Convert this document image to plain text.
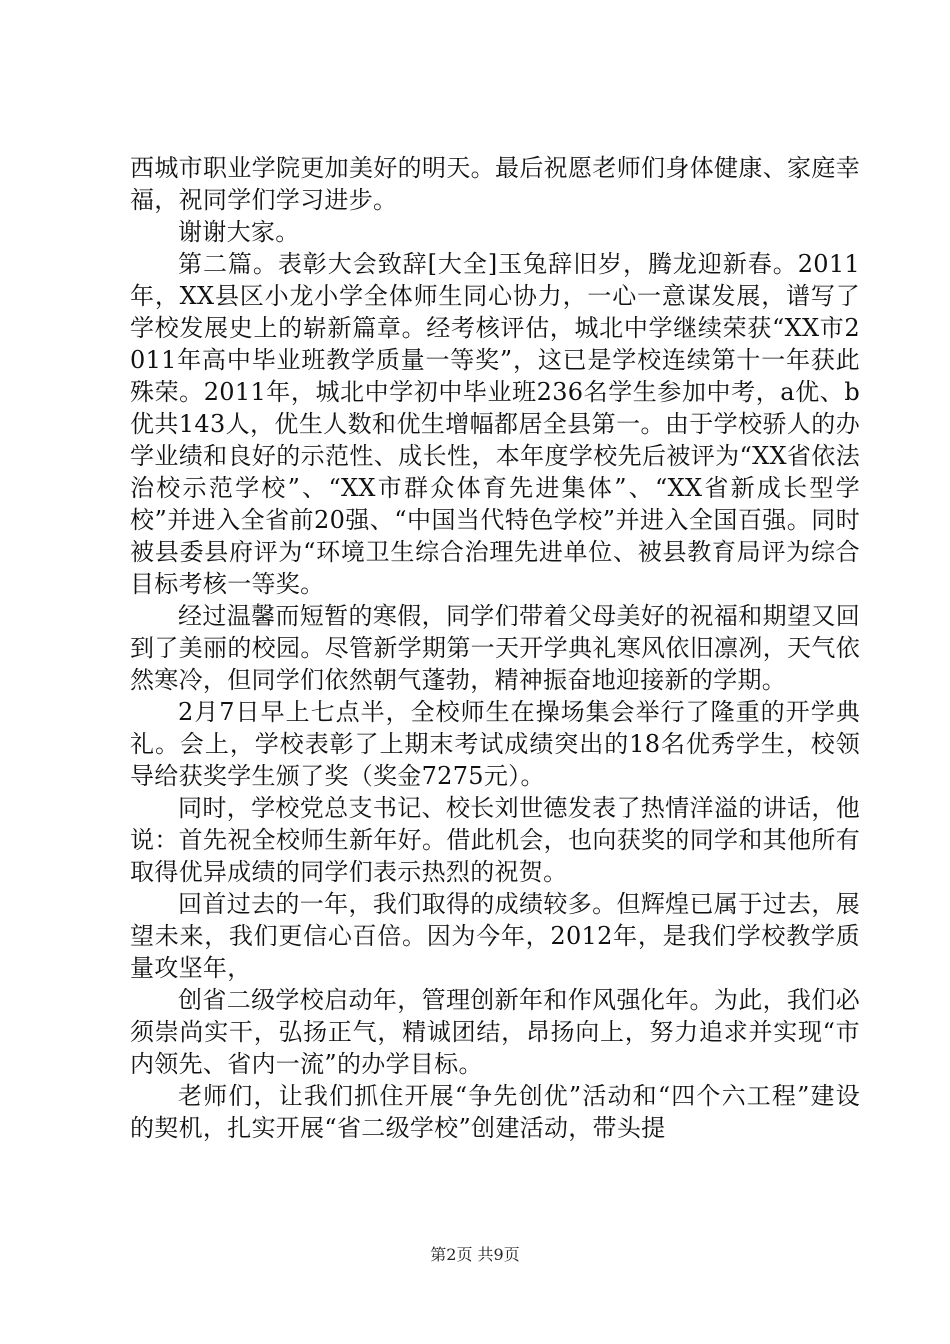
西城市职业学院更加美好的明天。最后祝愿老师们身体健康、家庭幸福，祝同学们学习进步。

谢谢大家。

第二篇。表彰大会致辞[大全]玉兔辞旧岁，腾龙迎新春。2011年，XX县区小龙小学全体师生同心协力，一心一意谋发展，谱写了学校发展史上的崭新篇章。经考核评估，城北中学继续荣获“XX市2011年高中毕业班教学质量一等奖”，这已是学校连续第十一年获此殊荣。2011年，城北中学初中毕业班236名学生参加中考，a优、b优共143人，优生人数和优生增幅都居全县第一。由于学校骄人的办学业绩和良好的示范性、成长性，本年度学校先后被评为“XX省依法治校示范学校”、“XX市群众体育先进集体”、“XX省新成长型学校”并进入全省前20强、“中国当代特色学校”并进入全国百强。同时被县委县府评为“环境卫生综合治理先进单位、被县教育局评为综合目标考核一等奖。

经过温馨而短暂的寒假，同学们带着父母美好的祝福和期望又回到了美丽的校园。尽管新学期第一天开学典礼寒风依旧凛冽，天气依然寒冷，但同学们依然朝气蓬勃，精神振奋地迎接新的学期。

2月7日早上七点半，全校师生在操场集会举行了隆重的开学典礼。会上，学校表彰了上期末考试成绩突出的18名优秀学生，校领导给获奖学生颁了奖（奖金7275元）。

同时，学校党总支书记、校长刘世德发表了热情洋溢的讲话，他说：首先祝全校师生新年好。借此机会，也向获奖的同学和其他所有取得优异成绩的同学们表示热烈的祝贺。

回首过去的一年，我们取得的成绩较多。但辉煌已属于过去，展望未来，我们更信心百倍。因为今年，2012年，是我们学校教学质量攻坚年，

创省二级学校启动年，管理创新年和作风强化年。为此，我们必须崇尚实干，弘扬正气，精诚团结，昂扬向上，努力追求并实现“市内领先、省内一流”的办学目标。

老师们，让我们抓住开展“争先创优”活动和“四个六工程”建设的契机，扎实开展“省二级学校”创建活动，带头提

第2页 共9页
